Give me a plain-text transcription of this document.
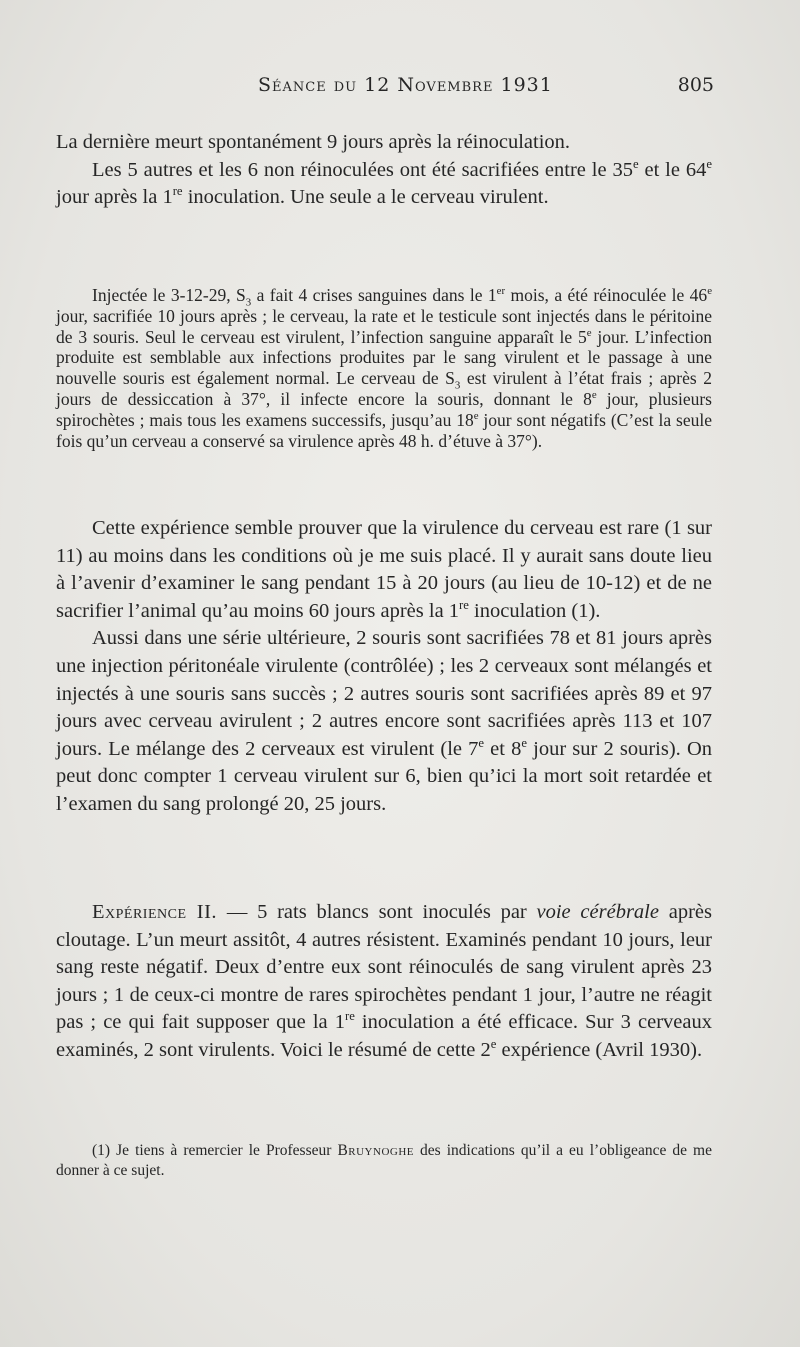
Séance du 12 Novembre 1931	805

La dernière meurt spontanément 9 jours après la réinoculation.

Les 5 autres et les 6 non réinoculées ont été sacrifiées entre le 35e et le 64e jour après la 1re inoculation. Une seule a le cerveau virulent.

Injectée le 3-12-29, $S_3$ a fait 4 crises sanguines dans le 1er mois, a été réinoculée le 46e jour, sacrifiée 10 jours après ; le cerveau, la rate et le testicule sont injectés dans le péritoine de 3 souris. Seul le cerveau est virulent, l’infection sanguine apparaît le 5e jour. L’infection produite est semblable aux infections produites par le sang virulent et le passage à une nouvelle souris est également normal. Le cerveau de $S_3$ est virulent à l’état frais ; après 2 jours de dessiccation à 37°, il infecte encore la souris, donnant le 8e jour, plusieurs spirochètes ; mais tous les examens successifs, jusqu’au 18e jour sont négatifs (C’est la seule fois qu’un cerveau a conservé sa virulence après 48 h. d’étuve à 37°).

Cette expérience semble prouver que la virulence du cerveau est rare (1 sur 11) au moins dans les conditions où je me suis placé. Il y aurait sans doute lieu à l’avenir d’examiner le sang pendant 15 à 20 jours (au lieu de 10-12) et de ne sacrifier l’animal qu’au moins 60 jours après la 1re inoculation (1).

Aussi dans une série ultérieure, 2 souris sont sacrifiées 78 et 81 jours après une injection péritonéale virulente (contrôlée) ; les 2 cerveaux sont mélangés et injectés à une souris sans succès ; 2 autres souris sont sacrifiées après 89 et 97 jours avec cerveau avirulent ; 2 autres encore sont sacrifiées après 113 et 107 jours. Le mélange des 2 cerveaux est virulent (le 7e et 8e jour sur 2 souris). On peut donc compter 1 cerveau virulent sur 6, bien qu’ici la mort soit retardée et l’examen du sang prolongé 20, 25 jours.

Expérience II. — 5 rats blancs sont inoculés par voie cérébrale après cloutage. L’un meurt assitôt, 4 autres résistent. Examinés pendant 10 jours, leur sang reste négatif. Deux d’entre eux sont réinoculés de sang virulent après 23 jours ; 1 de ceux-ci montre de rares spirochètes pendant 1 jour, l’autre ne réagit pas ; ce qui fait supposer que la 1re inoculation a été efficace. Sur 3 cerveaux examinés, 2 sont virulents. Voici le résumé de cette 2e expérience (Avril 1930).

(1) Je tiens à remercier le Professeur Bruynoghe des indications qu’il a eu l’obligeance de me donner à ce sujet.
